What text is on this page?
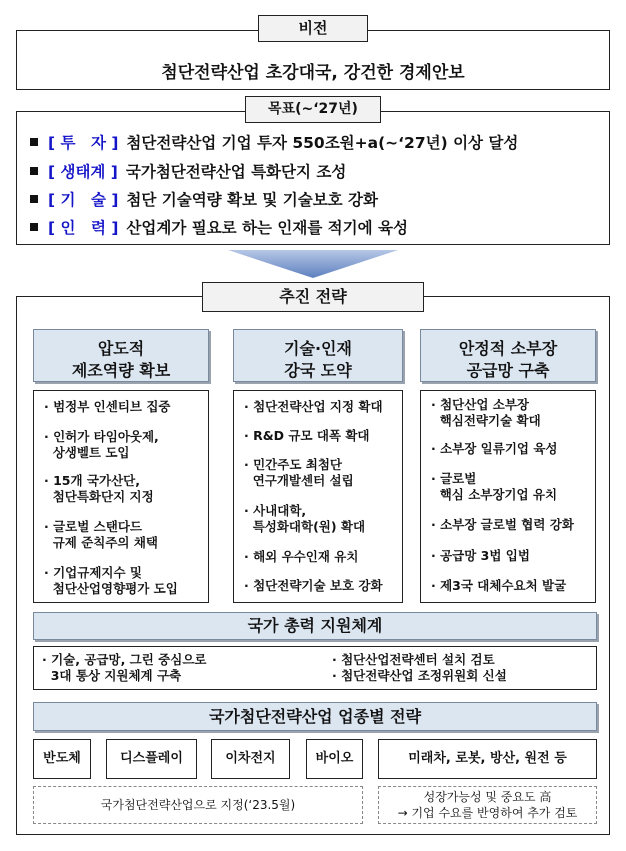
첨단전략산업 초강대국, 강건한 경제안보
비전
목표(~‘27년)
[ 투　자 ] 첨단전략산업 기업 투자 550조원+a(~‘27년) 이상 달성
[ 생태계 ] 국가첨단전략산업 특화단지 조성
[ 기　술 ] 첨단 기술역량 확보 및 기술보호 강화
[ 인　력 ] 산업계가 필요로 하는 인재를 적기에 육성
추진 전략
압도적
제조역량 확보
기술·인재
강국 도약
안정적 소부장
공급망 구축
· 범정부 인센티브 집중
· 인허가 타임아웃제,
상생벨트 도입
· 15개 국가산단,
첨단특화단지 지정
· 글로벌 스탠다드
규제 준칙주의 채택
· 기업규제지수 및
첨단산업영향평가 도입
· 첨단전략산업 지정 확대
· R&D 규모 대폭 확대
· 민간주도 최첨단
연구개발센터 설립
· 사내대학,
특성화대학(원) 확대
· 해외 우수인재 유치
· 첨단전략기술 보호 강화
· 첨단산업 소부장
핵심전략기술 확대
· 소부장 일류기업 육성
· 글로벌
핵심 소부장기업 유치
· 소부장 글로벌 협력 강화
· 공급망 3법 입법
· 제3국 대체수요처 발굴
국가 총력 지원체계
· 기술, 공급망, 그린 중심으로
3대 통상 지원체계 구축
· 첨단산업전략센터 설치 검토
· 첨단전략산업 조정위원회 신설
국가첨단전략산업 업종별 전략
반도체	디스플레이	이차전지	바이오	미래차, 로봇, 방산, 원전 등
국가첨단전략산업으로 지정(‘23.5월)
성장가능성 및 중요도 高
→ 기업 수요를 반영하여 추가 검토
